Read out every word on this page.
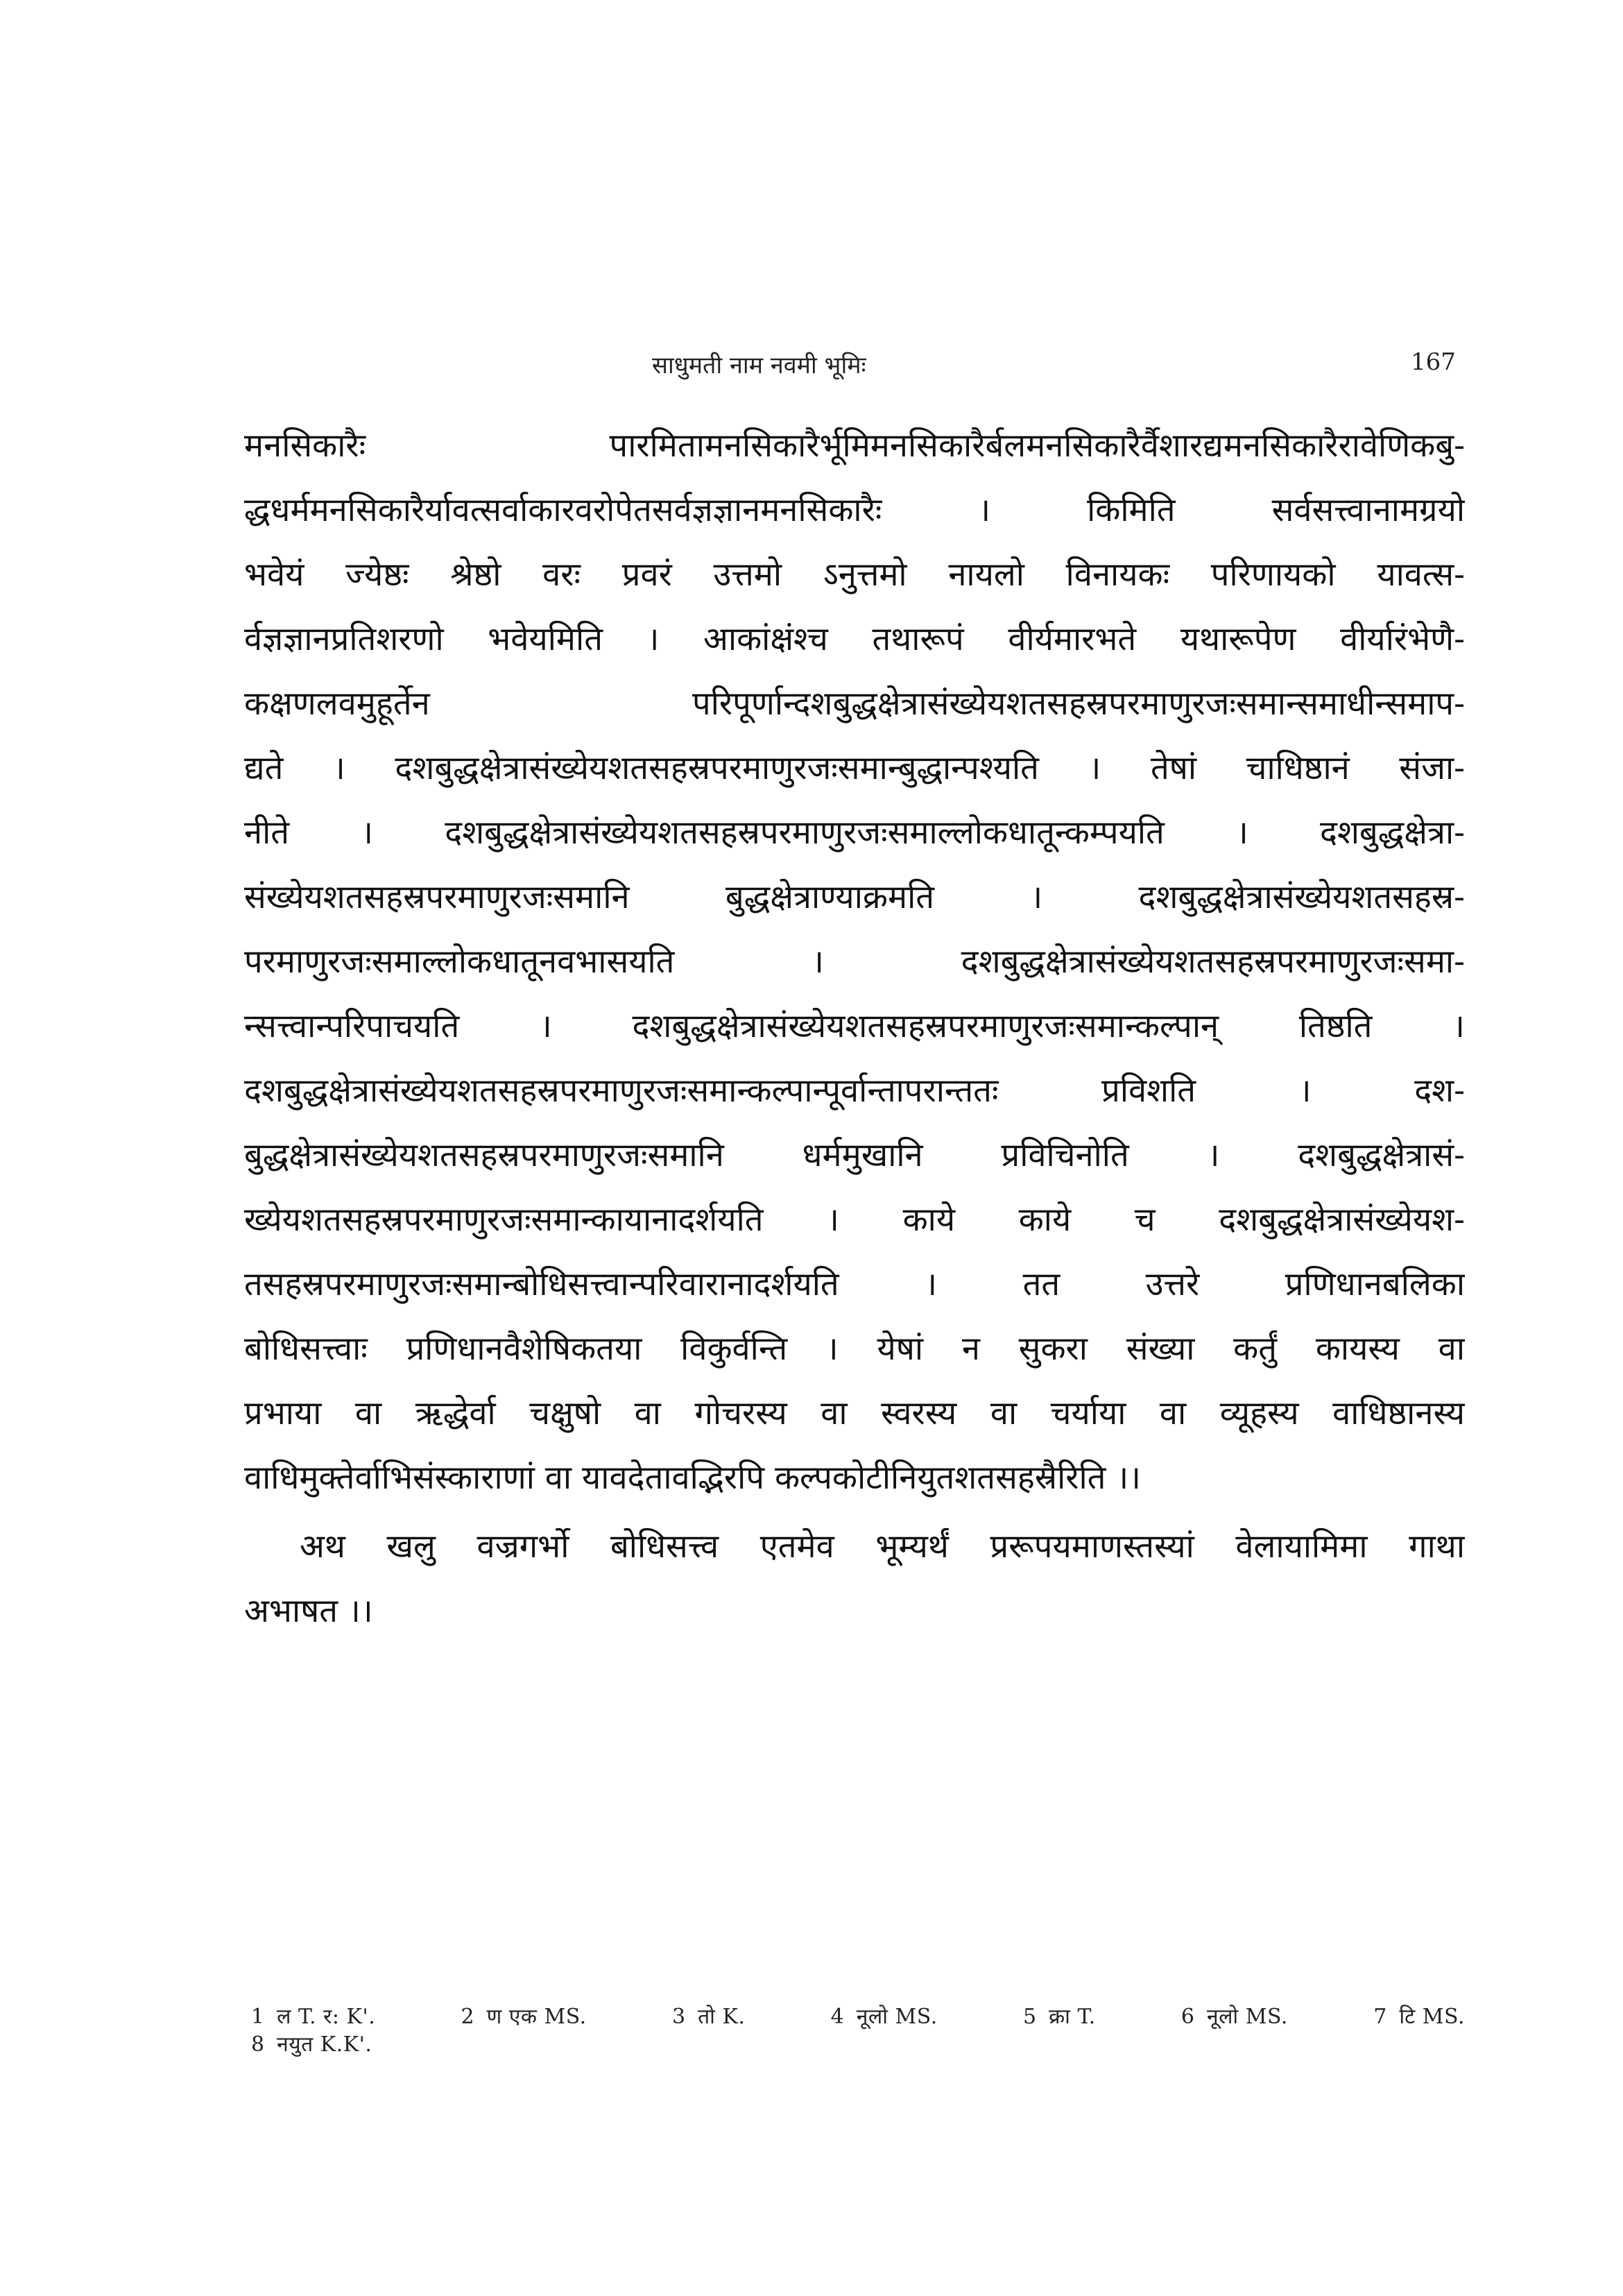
साधुमती नाम नवमी भूमिः	167
मनसिकारैः पारमितामनसिकारैर्भूमिमनसिकारैर्बलमनसिकारैर्वैशारद्यमनसिकारैरावेणिकबु-
द्धधर्ममनसिकारैर्यावत्सर्वाकारवरोपेतसर्वज्ञज्ञानमनसिकारैः । किमिति सर्वसत्त्वानामग्रयो
भवेयं ज्येष्ठः श्रेष्ठो वरः प्रवरं उत्तमो ऽनुत्तमो नायलो विनायकः परिणायको यावत्स-
र्वज्ञज्ञानप्रतिशरणो भवेयमिति । आकांक्षंश्च तथारूपं वीर्यमारभते यथारूपेण वीर्यारंभेणै-
कक्षणलवमुहूर्तेन परिपूर्णान्दशबुद्धक्षेत्रासंख्येयशतसहस्रपरमाणुरजःसमान्समाधीन्समाप-
द्यते । दशबुद्धक्षेत्रासंख्येयशतसहस्रपरमाणुरजःसमान्बुद्धान्पश्यति । तेषां चाधिष्ठानं संजा-
नीते । दशबुद्धक्षेत्रासंख्येयशतसहस्रपरमाणुरजःसमाल्लोकधातून्कम्पयति । दशबुद्धक्षेत्रा-
संख्येयशतसहस्रपरमाणुरजःसमानि बुद्धक्षेत्राण्याक्रमति । दशबुद्धक्षेत्रासंख्येयशतसहस्र-
परमाणुरजःसमाल्लोकधातूनवभासयति । दशबुद्धक्षेत्रासंख्येयशतसहस्रपरमाणुरजःसमा-
न्सत्त्वान्परिपाचयति । दशबुद्धक्षेत्रासंख्येयशतसहस्रपरमाणुरजःसमान्कल्पान् तिष्ठति ।
दशबुद्धक्षेत्रासंख्येयशतसहस्रपरमाणुरजःसमान्कल्पान्पूर्वान्तापरान्ततः प्रविशति । दश-
बुद्धक्षेत्रासंख्येयशतसहस्रपरमाणुरजःसमानि धर्ममुखानि प्रविचिनोति । दशबुद्धक्षेत्रासं-
ख्येयशतसहस्रपरमाणुरजःसमान्कायानादर्शयति । काये काये च दशबुद्धक्षेत्रासंख्येयश-
तसहस्रपरमाणुरजःसमान्बोधिसत्त्वान्परिवारानादर्शयति । तत उत्तरे प्रणिधानबलिका
बोधिसत्त्वाः प्रणिधानवैशेषिकतया विकुर्वन्ति । येषां न सुकरा संख्या कर्तुं कायस्य वा
प्रभाया वा ऋद्धेर्वा चक्षुषो वा गोचरस्य वा स्वरस्य वा चर्याया वा व्यूहस्य वाधिष्ठानस्य
वाधिमुक्तेर्वाभिसंस्काराणां वा यावदेतावद्भिरपि कल्पकोटीनियुतशतसहस्रैरिति ।।
अथ खलु वज्रगर्भो बोधिसत्त्व एतमेव भूम्यर्थं प्ररूपयमाणस्तस्यां वेलायामिमा गाथा
अभाषत ।।
1 ल T. र: K'.	2 ण एक MS.	3 तो K.	4 नूलो MS.	5 क्रा T.	6 नूलो MS.	7 टि MS.
8 नयुत K.K'.
